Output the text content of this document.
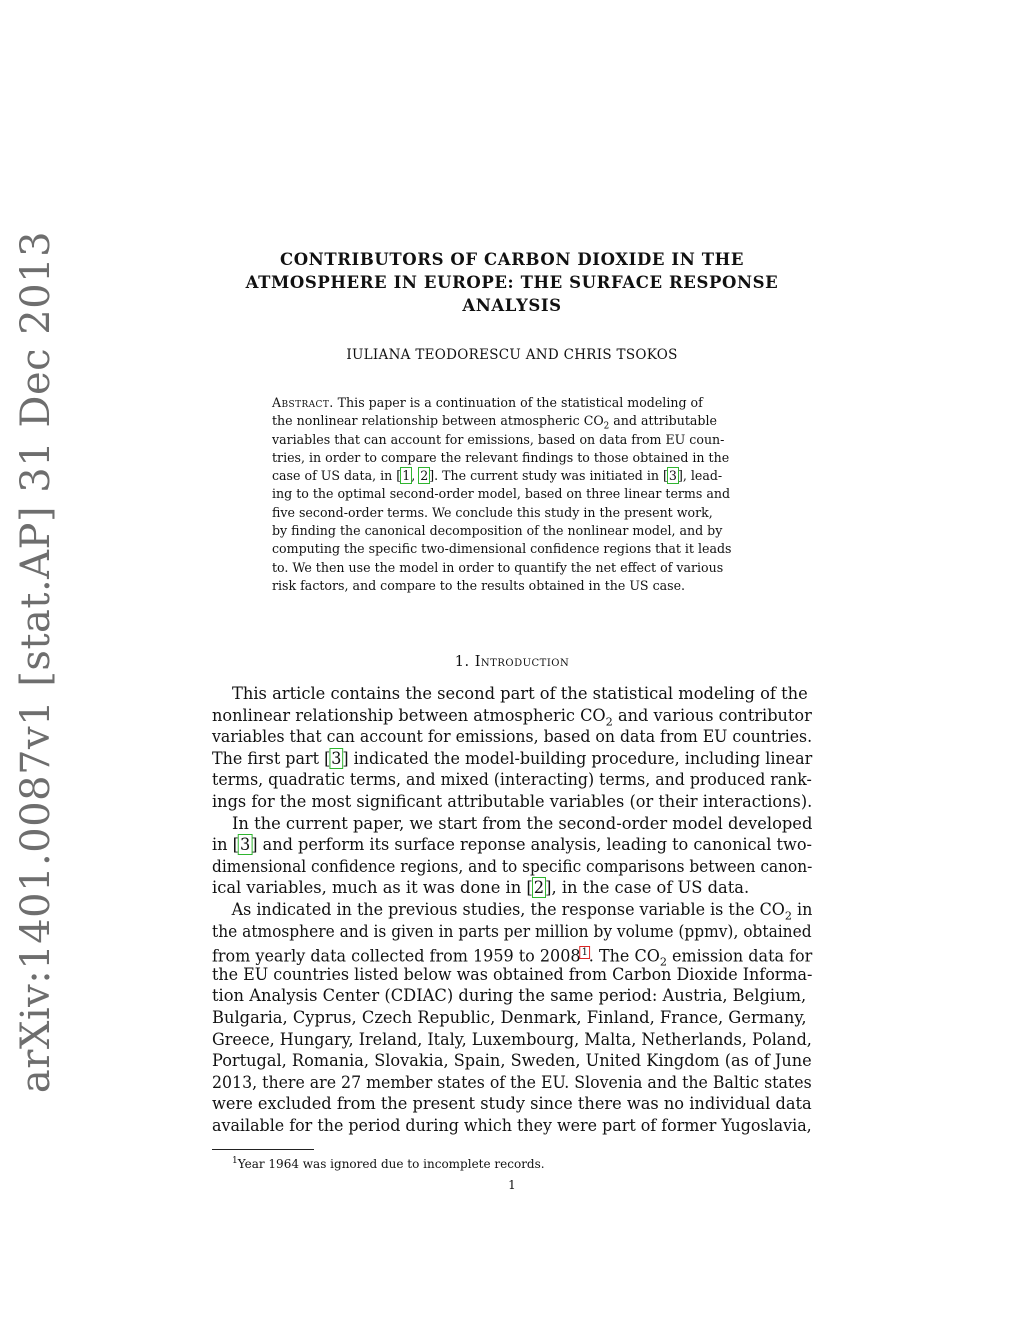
arXiv:1401.0087v1 [stat.AP] 31 Dec 2013	CONTRIBUTORS OF CARBON DIOXIDE IN THE
ATMOSPHERE IN EUROPE: THE SURFACE RESPONSE
ANALYSIS
IULIANA TEODORESCU AND CHRIS TSOKOS
Abstract. This paper is a continuation of the statistical modeling of
the nonlinear relationship between atmospheric $CO_2$ and attributable
variables that can account for emissions, based on data from EU coun-
tries, in order to compare the relevant findings to those obtained in the
case of US data, in [1, 2]. The current study was initiated in [3], lead-
ing to the optimal second-order model, based on three linear terms and
five second-order terms. We conclude this study in the present work,
by finding the canonical decomposition of the nonlinear model, and by
computing the specific two-dimensional confidence regions that it leads
to. We then use the model in order to quantify the net effect of various
risk factors, and compare to the results obtained in the US case.
1. Introduction
This article contains the second part of the statistical modeling of the
nonlinear relationship between atmospheric $CO_2$ and various contributor
variables that can account for emissions, based on data from EU countries.
The first part [3] indicated the model-building procedure, including linear
terms, quadratic terms, and mixed (interacting) terms, and produced rank-
ings for the most significant attributable variables (or their interactions).
In the current paper, we start from the second-order model developed
in [3] and perform its surface reponse analysis, leading to canonical two-
dimensional confidence regions, and to specific comparisons between canon-
ical variables, much as it was done in [2], in the case of US data.
As indicated in the previous studies, the response variable is the $CO_2$ in
the atmosphere and is given in parts per million by volume (ppmv), obtained
from yearly data collected from 1959 to 2008$^1$. The $CO_2$ emission data for
the EU countries listed below was obtained from Carbon Dioxide Informa-
tion Analysis Center (CDIAC) during the same period: Austria, Belgium,
Bulgaria, Cyprus, Czech Republic, Denmark, Finland, France, Germany,
Greece, Hungary, Ireland, Italy, Luxembourg, Malta, Netherlands, Poland,
Portugal, Romania, Slovakia, Spain, Sweden, United Kingdom (as of June
2013, there are 27 member states of the EU. Slovenia and the Baltic states
were excluded from the present study since there was no individual data
available for the period during which they were part of former Yugoslavia,
$^1$Year 1964 was ignored due to incomplete records.
1
